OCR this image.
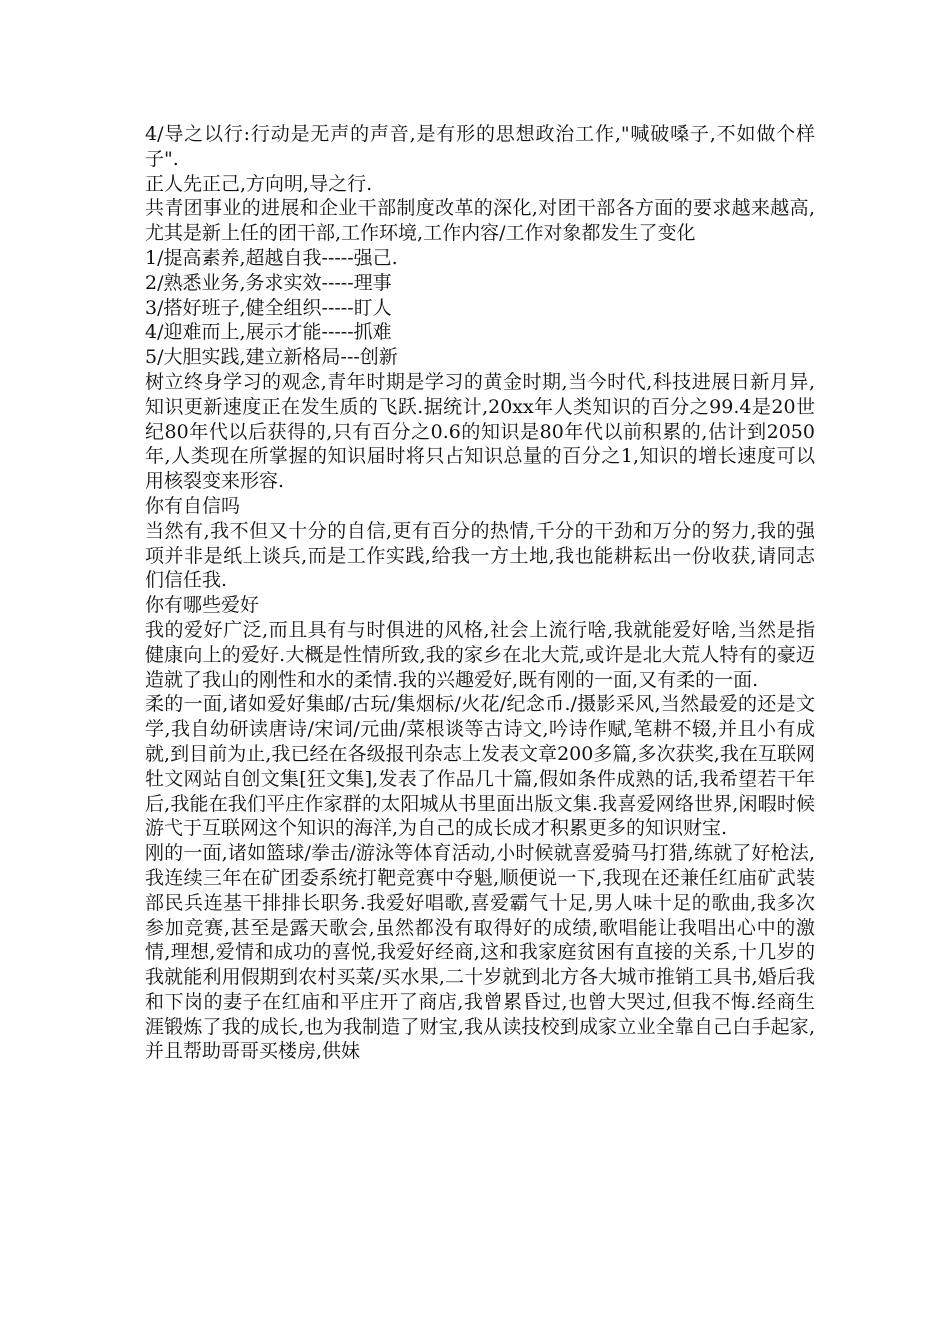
4/导之以行:行动是无声的声音,是有形的思想政治工作,"喊破嗓子,不如做个样子".

正人先正己,方向明,导之行.

共青团事业的进展和企业干部制度改革的深化,对团干部各方面的要求越来越高,尤其是新上任的团干部,工作环境,工作内容/工作对象都发生了变化

1/提高素养,超越自我-----强己.

2/熟悉业务,务求实效-----理事

3/搭好班子,健全组织-----盯人

4/迎难而上,展示才能-----抓难

5/大胆实践,建立新格局---创新

树立终身学习的观念,青年时期是学习的黄金时期,当今时代,科技进展日新月异,知识更新速度正在发生质的飞跃.据统计,20xx年人类知识的百分之99.4是20世纪80年代以后获得的,只有百分之0.6的知识是80年代以前积累的,估计到2050年,人类现在所掌握的知识届时将只占知识总量的百分之1,知识的增长速度可以用核裂变来形容.

你有自信吗

当然有,我不但又十分的自信,更有百分的热情,千分的干劲和万分的努力,我的强项并非是纸上谈兵,而是工作实践,给我一方土地,我也能耕耘出一份收获,请同志们信任我.

你有哪些爱好

我的爱好广泛,而且具有与时俱进的风格,社会上流行啥,我就能爱好啥,当然是指健康向上的爱好.大概是性情所致,我的家乡在北大荒,或许是北大荒人特有的豪迈造就了我山的刚性和水的柔情.我的兴趣爱好,既有刚的一面,又有柔的一面.

柔的一面,诸如爱好集邮/古玩/集烟标/火花/纪念币./摄影采风,当然最爱的还是文学,我自幼研读唐诗/宋词/元曲/菜根谈等古诗文,吟诗作赋,笔耕不辍,并且小有成就,到目前为止,我已经在各级报刊杂志上发表文章200多篇,多次获奖,我在互联网牡文网站自创文集[狂文集],发表了作品几十篇,假如条件成熟的话,我希望若干年后,我能在我们平庄作家群的太阳城从书里面出版文集.我喜爱网络世界,闲暇时候游弋于互联网这个知识的海洋,为自己的成长成才积累更多的知识财宝.

刚的一面,诸如篮球/拳击/游泳等体育活动,小时候就喜爱骑马打猎,练就了好枪法,我连续三年在矿团委系统打靶竞赛中夺魁,顺便说一下,我现在还兼任红庙矿武装部民兵连基干排排长职务.我爱好唱歌,喜爱霸气十足,男人味十足的歌曲,我多次参加竞赛,甚至是露天歌会,虽然都没有取得好的成绩,歌唱能让我唱出心中的激情,理想,爱情和成功的喜悦,我爱好经商,这和我家庭贫困有直接的关系,十几岁的我就能利用假期到农村买菜/买水果,二十岁就到北方各大城市推销工具书,婚后我和下岗的妻子在红庙和平庄开了商店,我曾累昏过,也曾大哭过,但我不悔.经商生涯锻炼了我的成长,也为我制造了财宝,我从读技校到成家立业全靠自己白手起家,并且帮助哥哥买楼房,供妹
